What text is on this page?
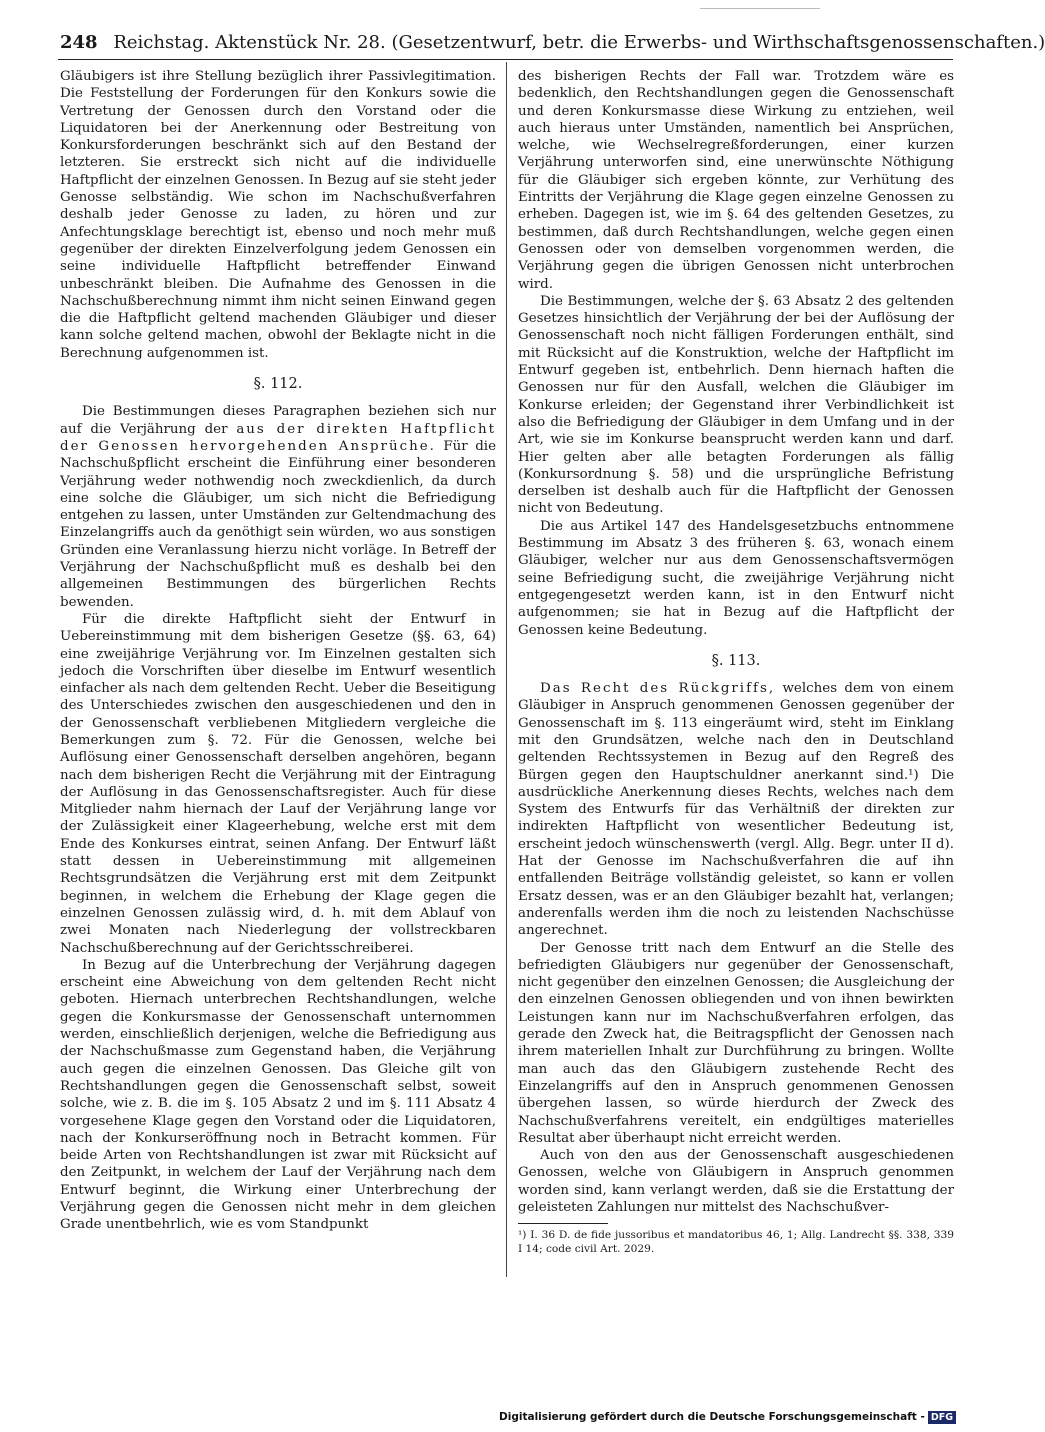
248 Reichstag. Aktenstück Nr. 28. (Gesetzentwurf, betr. die Erwerbs- und Wirthschaftsgenossenschaften.)

Gläubigers ist ihre Stellung bezüglich ihrer Passivlegitimation. Die Feststellung der Forderungen für den Konkurs sowie die Vertretung der Genossen durch den Vorstand oder die Liquidatoren bei der Anerkennung oder Bestreitung von Konkursforderungen beschränkt sich auf den Bestand der letzteren. Sie erstreckt sich nicht auf die individuelle Haftpflicht der einzelnen Genossen. In Bezug auf sie steht jeder Genosse selbständig. Wie schon im Nachschußverfahren deshalb jeder Genosse zu laden, zu hören und zur Anfechtungsklage berechtigt ist, ebenso und noch mehr muß gegenüber der direkten Einzelverfolgung jedem Genossen ein seine individuelle Haftpflicht betreffender Einwand unbeschränkt bleiben. Die Aufnahme des Genossen in die Nachschußberechnung nimmt ihm nicht seinen Einwand gegen die die Haftpflicht geltend machenden Gläubiger und dieser kann solche geltend machen, obwohl der Beklagte nicht in die Berechnung aufgenommen ist.

§. 112.

Die Bestimmungen dieses Paragraphen beziehen sich nur auf die Verjährung der aus der direkten Haftpflicht der Genossen hervorgehenden Ansprüche. Für die Nachschußpflicht erscheint die Einführung einer besonderen Verjährung weder nothwendig noch zweckdienlich, da durch eine solche die Gläubiger, um sich nicht die Befriedigung entgehen zu lassen, unter Umständen zur Geltendmachung des Einzelangriffs auch da genöthigt sein würden, wo aus sonstigen Gründen eine Veranlassung hierzu nicht vorläge. In Betreff der Verjährung der Nachschußpflicht muß es deshalb bei den allgemeinen Bestimmungen des bürgerlichen Rechts bewenden.

Für die direkte Haftpflicht sieht der Entwurf in Uebereinstimmung mit dem bisherigen Gesetze (§§. 63, 64) eine zweijährige Verjährung vor. Im Einzelnen gestalten sich jedoch die Vorschriften über dieselbe im Entwurf wesentlich einfacher als nach dem geltenden Recht. Ueber die Beseitigung des Unterschiedes zwischen den ausgeschiedenen und den in der Genossenschaft verbliebenen Mitgliedern vergleiche die Bemerkungen zum §. 72. Für die Genossen, welche bei Auflösung einer Genossenschaft derselben angehören, begann nach dem bisherigen Recht die Verjährung mit der Eintragung der Auflösung in das Genossenschaftsregister. Auch für diese Mitglieder nahm hiernach der Lauf der Verjährung lange vor der Zulässigkeit einer Klageerhebung, welche erst mit dem Ende des Konkurses eintrat, seinen Anfang. Der Entwurf läßt statt dessen in Uebereinstimmung mit allgemeinen Rechtsgrundsätzen die Verjährung erst mit dem Zeitpunkt beginnen, in welchem die Erhebung der Klage gegen die einzelnen Genossen zulässig wird, d. h. mit dem Ablauf von zwei Monaten nach Niederlegung der vollstreckbaren Nachschußberechnung auf der Gerichtsschreiberei.

In Bezug auf die Unterbrechung der Verjährung dagegen erscheint eine Abweichung von dem geltenden Recht nicht geboten. Hiernach unterbrechen Rechtshandlungen, welche gegen die Konkursmasse der Genossenschaft unternommen werden, einschließlich derjenigen, welche die Befriedigung aus der Nachschußmasse zum Gegenstand haben, die Verjährung auch gegen die einzelnen Genossen. Das Gleiche gilt von Rechtshandlungen gegen die Genossenschaft selbst, soweit solche, wie z. B. die im §. 105 Absatz 2 und im §. 111 Absatz 4 vorgesehene Klage gegen den Vorstand oder die Liquidatoren, nach der Konkurseröffnung noch in Betracht kommen. Für beide Arten von Rechtshandlungen ist zwar mit Rücksicht auf den Zeitpunkt, in welchem der Lauf der Verjährung nach dem Entwurf beginnt, die Wirkung einer Unterbrechung der Verjährung gegen die Genossen nicht mehr in dem gleichen Grade unentbehrlich, wie es vom Standpunkt

des bisherigen Rechts der Fall war. Trotzdem wäre es bedenklich, den Rechtshandlungen gegen die Genossenschaft und deren Konkursmasse diese Wirkung zu entziehen, weil auch hieraus unter Umständen, namentlich bei Ansprüchen, welche, wie Wechselregreßforderungen, einer kurzen Verjährung unterworfen sind, eine unerwünschte Nöthigung für die Gläubiger sich ergeben könnte, zur Verhütung des Eintritts der Verjährung die Klage gegen einzelne Genossen zu erheben. Dagegen ist, wie im §. 64 des geltenden Gesetzes, zu bestimmen, daß durch Rechtshandlungen, welche gegen einen Genossen oder von demselben vorgenommen werden, die Verjährung gegen die übrigen Genossen nicht unterbrochen wird.

Die Bestimmungen, welche der §. 63 Absatz 2 des geltenden Gesetzes hinsichtlich der Verjährung der bei der Auflösung der Genossenschaft noch nicht fälligen Forderungen enthält, sind mit Rücksicht auf die Konstruktion, welche der Haftpflicht im Entwurf gegeben ist, entbehrlich. Denn hiernach haften die Genossen nur für den Ausfall, welchen die Gläubiger im Konkurse erleiden; der Gegenstand ihrer Verbindlichkeit ist also die Befriedigung der Gläubiger in dem Umfang und in der Art, wie sie im Konkurse beansprucht werden kann und darf. Hier gelten aber alle betagten Forderungen als fällig (Konkursordnung §. 58) und die ursprüngliche Befristung derselben ist deshalb auch für die Haftpflicht der Genossen nicht von Bedeutung.

Die aus Artikel 147 des Handelsgesetzbuchs entnommene Bestimmung im Absatz 3 des früheren §. 63, wonach einem Gläubiger, welcher nur aus dem Genossenschaftsvermögen seine Befriedigung sucht, die zweijährige Verjährung nicht entgegengesetzt werden kann, ist in den Entwurf nicht aufgenommen; sie hat in Bezug auf die Haftpflicht der Genossen keine Bedeutung.

§. 113.

Das Recht des Rückgriffs, welches dem von einem Gläubiger in Anspruch genommenen Genossen gegenüber der Genossenschaft im §. 113 eingeräumt wird, steht im Einklang mit den Grundsätzen, welche nach den in Deutschland geltenden Rechtssystemen in Bezug auf den Regreß des Bürgen gegen den Hauptschuldner anerkannt sind.¹) Die ausdrückliche Anerkennung dieses Rechts, welches nach dem System des Entwurfs für das Verhältniß der direkten zur indirekten Haftpflicht von wesentlicher Bedeutung ist, erscheint jedoch wünschenswerth (vergl. Allg. Begr. unter II d). Hat der Genosse im Nachschußverfahren die auf ihn entfallenden Beiträge vollständig geleistet, so kann er vollen Ersatz dessen, was er an den Gläubiger bezahlt hat, verlangen; anderenfalls werden ihm die noch zu leistenden Nachschüsse angerechnet.

Der Genosse tritt nach dem Entwurf an die Stelle des befriedigten Gläubigers nur gegenüber der Genossenschaft, nicht gegenüber den einzelnen Genossen; die Ausgleichung der den einzelnen Genossen obliegenden und von ihnen bewirkten Leistungen kann nur im Nachschußverfahren erfolgen, das gerade den Zweck hat, die Beitragspflicht der Genossen nach ihrem materiellen Inhalt zur Durchführung zu bringen. Wollte man auch das den Gläubigern zustehende Recht des Einzelangriffs auf den in Anspruch genommenen Genossen übergehen lassen, so würde hierdurch der Zweck des Nachschußverfahrens vereitelt, ein endgültiges materielles Resultat aber überhaupt nicht erreicht werden.

Auch von den aus der Genossenschaft ausgeschiedenen Genossen, welche von Gläubigern in Anspruch genommen worden sind, kann verlangt werden, daß sie die Erstattung der geleisteten Zahlungen nur mittelst des Nachschußver-

¹) I. 36 D. de fide jussoribus et mandatoribus 46, 1; Allg. Landrecht §§. 338, 339 I 14; code civil Art. 2029.
Digitalisierung gefördert durch die Deutsche Forschungsgemeinschaft - DFG
